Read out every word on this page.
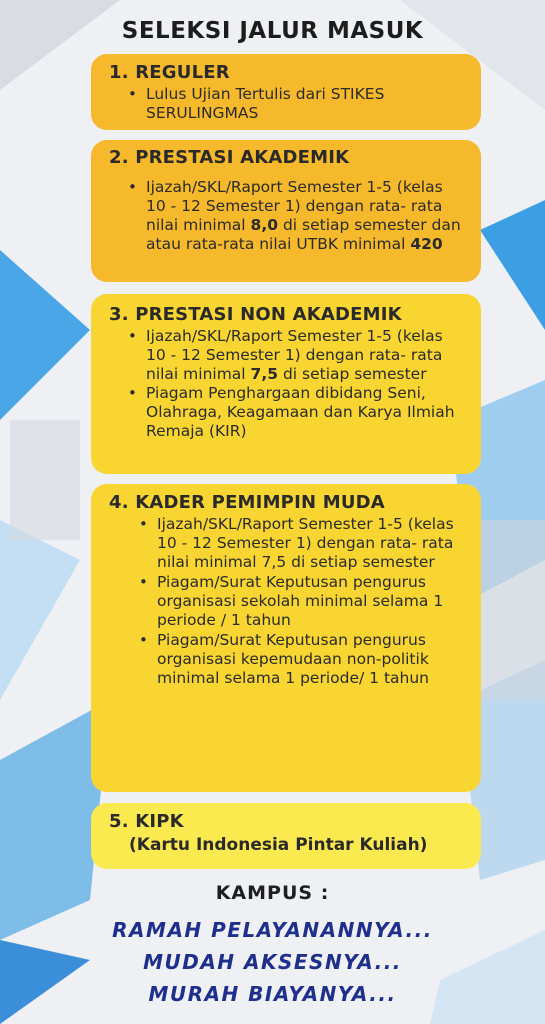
SELEKSI JALUR MASUK
1. REGULER
• Lulus Ujian Tertulis dari STIKES SERULINGMAS
2. PRESTASI AKADEMIK
• Ijazah/SKL/Raport Semester 1-5 (kelas 10 - 12 Semester 1) dengan rata- rata nilai minimal 8,0 di setiap semester dan atau rata-rata nilai UTBK minimal 420
3. PRESTASI NON AKADEMIK
• Ijazah/SKL/Raport Semester 1-5 (kelas 10 - 12 Semester 1) dengan rata- rata nilai minimal 7,5 di setiap semester
• Piagam Penghargaan dibidang Seni, Olahraga, Keagamaan dan Karya Ilmiah Remaja (KIR)
4. KADER PEMIMPIN MUDA
• Ijazah/SKL/Raport Semester 1-5 (kelas 10 - 12 Semester 1) dengan rata- rata nilai minimal 7,5 di setiap semester
• Piagam/Surat Keputusan pengurus organisasi sekolah minimal selama 1 periode / 1 tahun
• Piagam/Surat Keputusan pengurus organisasi kepemudaan non-politik minimal selama 1 periode/ 1 tahun
5. KIPK
(Kartu Indonesia Pintar Kuliah)
KAMPUS :
RAMAH PELAYANANNYA...
MUDAH AKSESNYA...
MURAH BIAYANYA...
